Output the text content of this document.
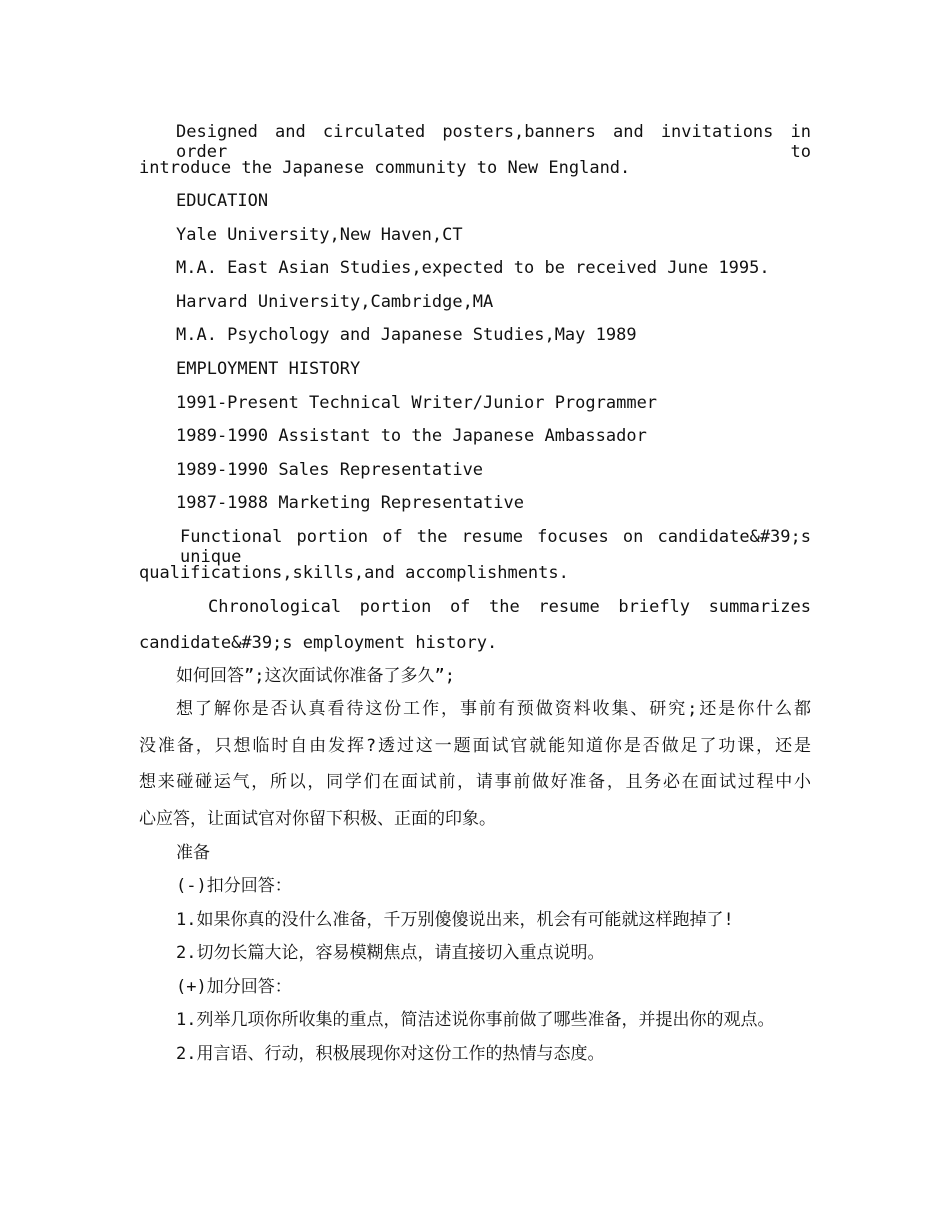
Designed and circulated posters,banners and invitations in order to
introduce the Japanese community to New England.
EDUCATION
Yale University,New Haven,CT
M.A. East Asian Studies,expected to be received June 1995.
Harvard University,Cambridge,MA
M.A. Psychology and Japanese Studies,May 1989
EMPLOYMENT HISTORY
1991-Present Technical Writer/Junior Programmer
1989-1990 Assistant to the Japanese Ambassador
1989-1990 Sales Representative
1987-1988 Marketing Representative
Functional portion of the resume focuses on candidate&#39;s unique
qualifications,skills,and accomplishments.
Chronological portion of the resume briefly summarizes
candidate&#39;s employment history.
如何回答”;这次面试你准备了多久”;
想了解你是否认真看待这份工作，事前有预做资料收集、研究;还是你什么都
没准备，只想临时自由发挥?透过这一题面试官就能知道你是否做足了功课，还是
想来碰碰运气，所以，同学们在面试前，请事前做好准备，且务必在面试过程中小
心应答，让面试官对你留下积极、正面的印象。
准备
(-)扣分回答：
1.如果你真的没什么准备，千万别傻傻说出来，机会有可能就这样跑掉了!
2.切勿长篇大论，容易模糊焦点，请直接切入重点说明。
(+)加分回答：
1.列举几项你所收集的重点，简洁述说你事前做了哪些准备，并提出你的观点。
2.用言语、行动，积极展现你对这份工作的热情与态度。
